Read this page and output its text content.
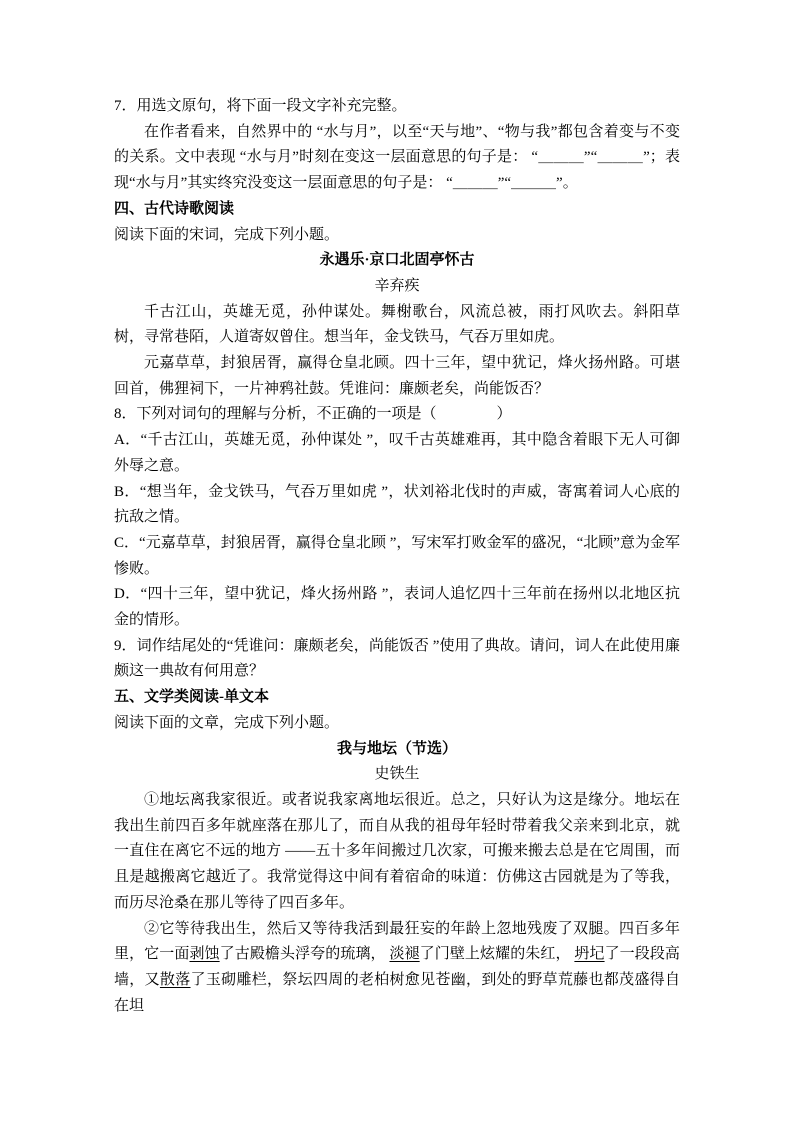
7．用选文原句，将下面一段文字补充完整。

在作者看来，自然界中的 “水与月”，以至“天与地”、“物与我”都包含着变与不变的关系。文中表现 “水与月”时刻在变这一层面意思的句子是： “＿＿＿”“＿＿＿”；表现“水与月”其实终究没变这一层面意思的句子是： “＿＿＿”“＿＿＿”。

四、古代诗歌阅读

阅读下面的宋词，完成下列小题。

永遇乐·京口北固亭怀古

辛弃疾

千古江山，英雄无觅，孙仲谋处。舞榭歌台，风流总被，雨打风吹去。斜阳草树，寻常巷陌，人道寄奴曾住。想当年，金戈铁马，气吞万里如虎。

元嘉草草，封狼居胥，赢得仓皇北顾。四十三年，望中犹记，烽火扬州路。可堪回首，佛狸祠下，一片神鸦社鼓。凭谁问：廉颇老矣，尚能饭否？

8．下列对词句的理解与分析，不正确的一项是（　　　　）

A．“千古江山，英雄无觅，孙仲谋处 ”，叹千古英雄难再，其中隐含着眼下无人可御外辱之意。

B．“想当年，金戈铁马，气吞万里如虎 ”，状刘裕北伐时的声威，寄寓着词人心底的抗敌之情。

C．“元嘉草草，封狼居胥，赢得仓皇北顾 ”，写宋军打败金军的盛况，“北顾”意为金军惨败。

D．“四十三年，望中犹记，烽火扬州路 ”，表词人追忆四十三年前在扬州以北地区抗金的情形。

9．词作结尾处的“凭谁问：廉颇老矣，尚能饭否 ”使用了典故。请问，词人在此使用廉颇这一典故有何用意？

五、文学类阅读-单文本

阅读下面的文章，完成下列小题。

我与地坛（节选）

史铁生

①地坛离我家很近。或者说我家离地坛很近。总之，只好认为这是缘分。地坛在我出生前四百多年就座落在那儿了，而自从我的祖母年轻时带着我父亲来到北京，就一直住在离它不远的地方 ——五十多年间搬过几次家，可搬来搬去总是在它周围，而且是越搬离它越近了。我常觉得这中间有着宿命的味道：仿佛这古园就是为了等我，而历尽沧桑在那儿等待了四百多年。

②它等待我出生，然后又等待我活到最狂妄的年龄上忽地残废了双腿。四百多年里，它一面剥蚀了古殿檐头浮夸的琉璃， 淡褪了门壁上炫耀的朱红， 坍圮了一段段高墙，又散落了玉砌雕栏，祭坛四周的老柏树愈见苍幽，到处的野草荒藤也都茂盛得自在坦
